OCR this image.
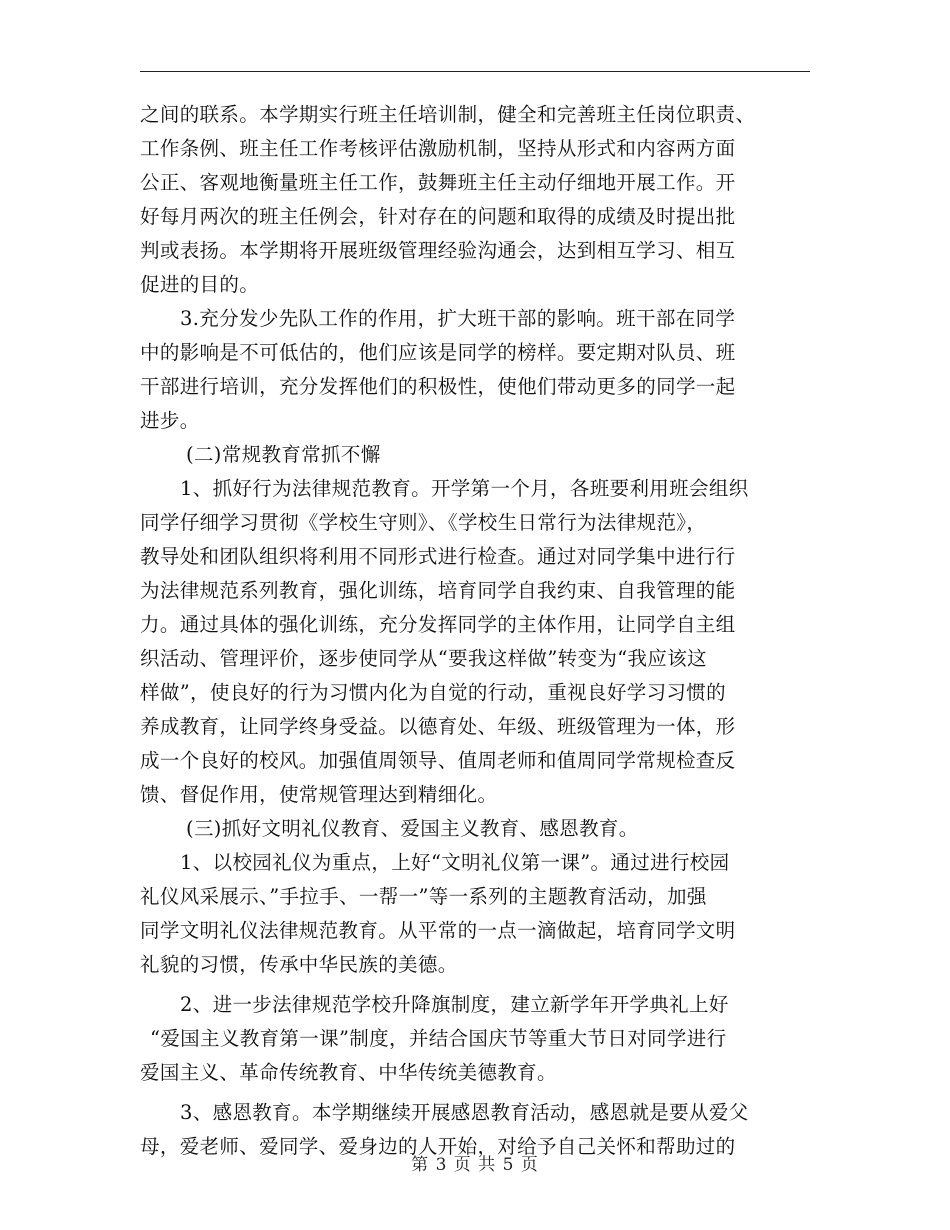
之间的联系。本学期实行班主任培训制，健全和完善班主任岗位职责、
工作条例、班主任工作考核评估激励机制，坚持从形式和内容两方面
公正、客观地衡量班主任工作，鼓舞班主任主动仔细地开展工作。开
好每月两次的班主任例会，针对存在的问题和取得的成绩及时提出批
判或表扬。本学期将开展班级管理经验沟通会，达到相互学习、相互
促进的目的。
3.充分发少先队工作的作用，扩大班干部的影响。班干部在同学
中的影响是不可低估的，他们应该是同学的榜样。要定期对队员、班
干部进行培训，充分发挥他们的积极性，使他们带动更多的同学一起
进步。
(二)常规教育常抓不懈
1、抓好行为法律规范教育。开学第一个月，各班要利用班会组织
同学仔细学习贯彻《学校生守则》、《学校生日常行为法律规范》，
教导处和团队组织将利用不同形式进行检查。通过对同学集中进行行
为法律规范系列教育，强化训练，培育同学自我约束、自我管理的能
力。通过具体的强化训练，充分发挥同学的主体作用，让同学自主组
织活动、管理评价，逐步使同学从“要我这样做”转变为“我应该这
样做”，使良好的行为习惯内化为自觉的行动，重视良好学习习惯的
养成教育，让同学终身受益。以德育处、年级、班级管理为一体，形
成一个良好的校风。加强值周领导、值周老师和值周同学常规检查反
馈、督促作用，使常规管理达到精细化。
(三)抓好文明礼仪教育、爱国主义教育、感恩教育。
1、以校园礼仪为重点，上好“文明礼仪第一课”。通过进行校园
礼仪风采展示、”手拉手、一帮一”等一系列的主题教育活动，加强
同学文明礼仪法律规范教育。从平常的一点一滴做起，培育同学文明
礼貌的习惯，传承中华民族的美德。
2、进一步法律规范学校升降旗制度，建立新学年开学典礼上好
“爱国主义教育第一课”制度，并结合国庆节等重大节日对同学进行
爱国主义、革命传统教育、中华传统美德教育。
3、感恩教育。本学期继续开展感恩教育活动，感恩就是要从爱父
母，爱老师、爱同学、爱身边的人开始，对给予自己关怀和帮助过的
第 3 页 共 5 页
